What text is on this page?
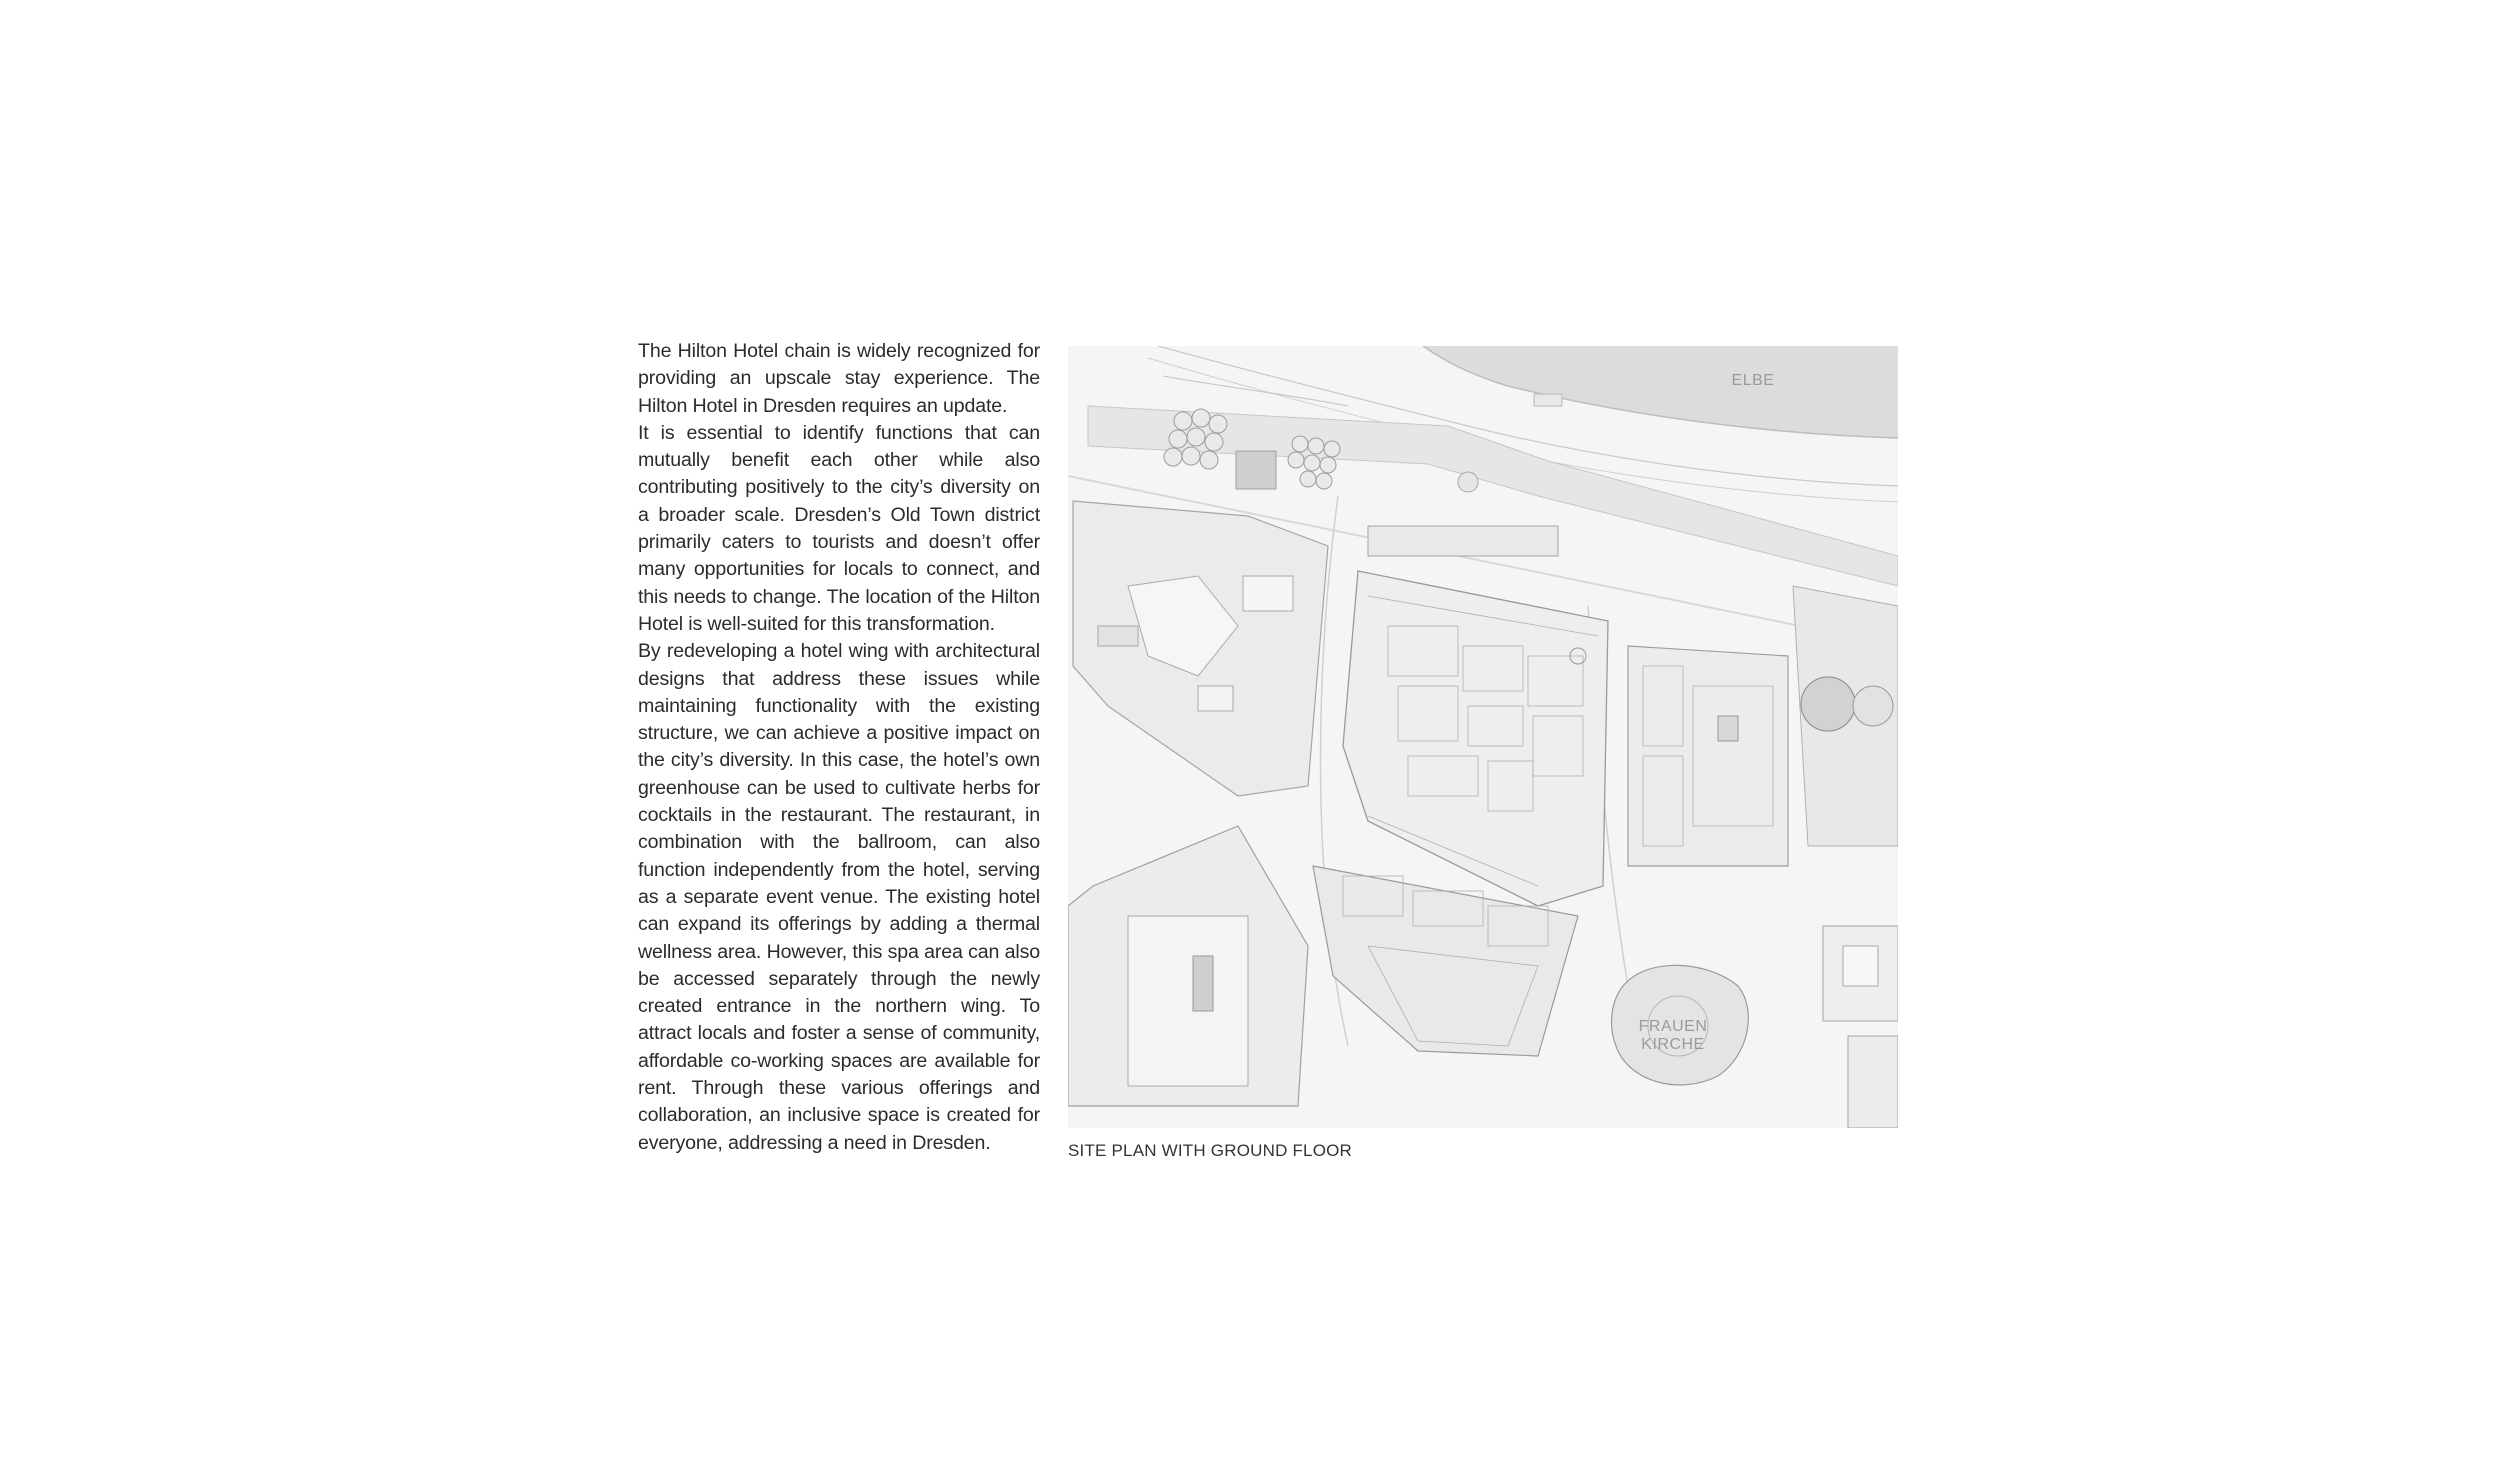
The Hilton Hotel chain is widely recognized for providing an upscale stay experience. The Hilton Hotel in Dresden requires an update.

It is essential to identify functions that can mutually benefit each other while also contributing positively to the city’s diversity on a broader scale. Dresden’s Old Town district primarily caters to tourists and doesn’t offer many opportunities for locals to connect, and this needs to change. The location of the Hilton Hotel is well-suited for this transformation.

By redeveloping a hotel wing with architectural designs that address these issues while maintaining functionality with the existing structure, we can achieve a positive impact on the city’s diversity. In this case, the hotel’s own greenhouse can be used to cultivate herbs for cocktails in the restaurant. The restaurant, in combination with the ballroom, can also function independently from the hotel, serving as a separate event venue. The existing hotel can expand its offerings by adding a thermal wellness area. However, this spa area can also be accessed separately through the newly created entrance in the northern wing. To attract locals and foster a sense of community, affordable co-working spaces are available for rent. Through these various offerings and collaboration, an inclusive space is created for everyone, addressing a need in Dresden.

FRAUEN
KIRCHE
ELBE
SITE PLAN WITH GROUND FLOOR
